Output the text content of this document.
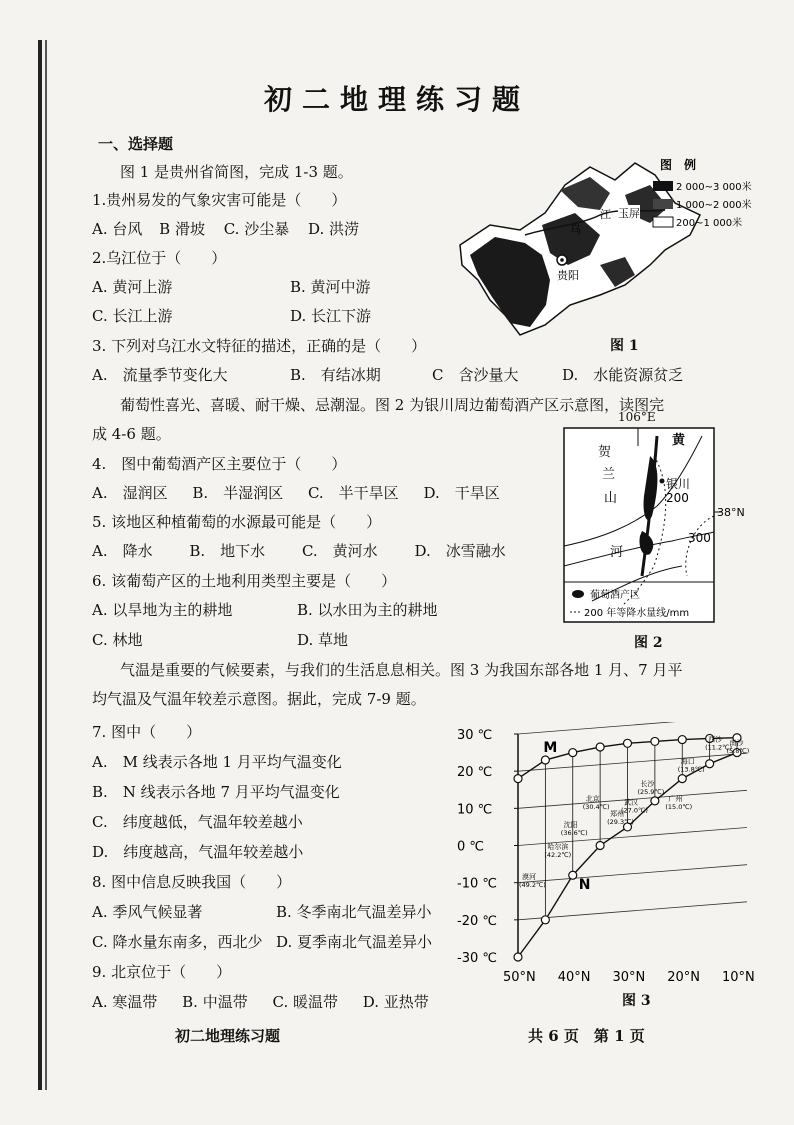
初二地理练习题
一、选择题
图 1 是贵州省简图，完成 1-3 题。
1.贵州易发的气象灾害可能是（　　）
A. 台风 B 滑坡 C. 沙尘暴 D. 洪涝
2.乌江位于（　　）
A. 黄河上游	B. 黄河中游
C. 长江上游	D. 长江下游
3. 下列对乌江水文特征的描述，正确的是（　　）
A.　流量季节变化大	B.　有结冰期	C　含沙量大	D.　水能资源贫乏
葡萄性喜光、喜暖、耐干燥、忌潮湿。图 2 为银川周边葡萄酒产区示意图，读图完
成 4-6 题。
4.　图中葡萄酒产区主要位于（　　）
A.　湿润区 B.　半湿润区 C.　半干旱区 D.　干旱区
5. 该地区种植葡萄的水源最可能是（　　）
A.　降水 B.　地下水 C.　黄河水 D.　冰雪融水
6. 该葡萄产区的土地利用类型主要是（　　）
A. 以旱地为主的耕地	B. 以水田为主的耕地
C. 林地	D. 草地
气温是重要的气候要素，与我们的生活息息相关。图 3 为我国东部各地 1 月、7 月平
均气温及气温年较差示意图。据此，完成 7-9 题。
7. 图中（　　）
A.　M 线表示各地 1 月平均气温变化
B.　N 线表示各地 7 月平均气温变化
C.　纬度越低，气温年较差越小
D.　纬度越高，气温年较差越小
8. 图中信息反映我国（　　）
A. 季风气候显著	B. 冬季南北气温差异小
C. 降水量东南多，西北少 D. 夏季南北气温差异小
9. 北京位于（　　）
A. 寒温带 B. 中温带 C. 暖温带 D. 亚热带
贵阳
乌
江 玉屏
图　例
2 000~3 000米
1 000~2 000米
200~1 000米
图 1
106°E
黄
贺
兰
山
银川
200
300
河
38°N
葡萄酒产区
200 年等降水量线/mm
图 2
30 ℃
20 ℃
10 ℃
0 ℃
-10 ℃
-20 ℃
-30 ℃
50°N 40°N 30°N 20°N 10°N
M
N
漠河
(49.2℃)
哈尔滨
(42.2℃)
沈阳
(36.6℃)
北京
(30.4℃)
郑州
(29.3℃)
武汉
(27.0℃)
长沙
(25.9℃)
广州
(15.0℃)
海口
(13.8℃)
西沙
(11.2℃)
南沙
(5.8℃)
图 3
初二地理练习题	共 6 页　第 1 页
